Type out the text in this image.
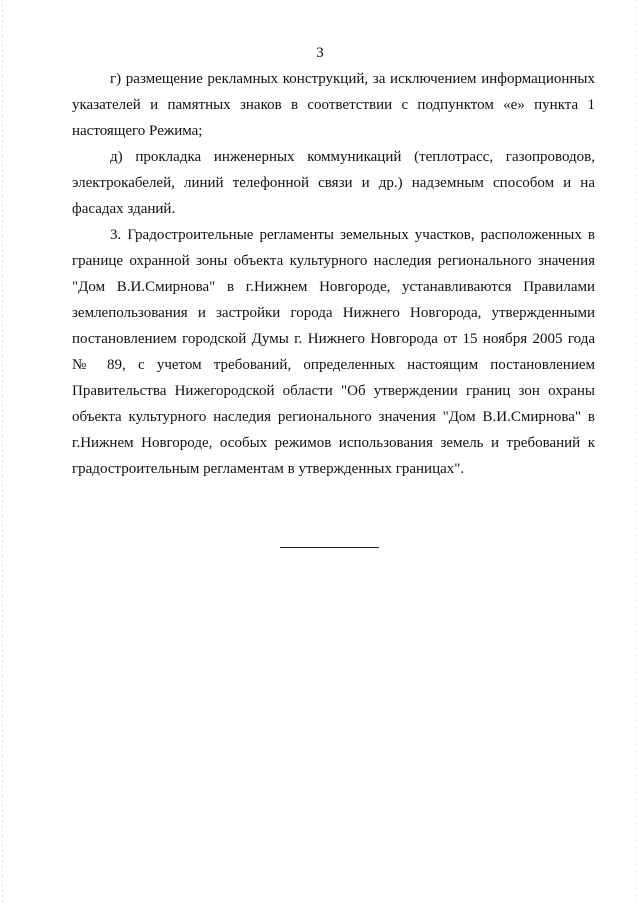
3

г) размещение рекламных конструкций, за исключением информационных указателей и памятных знаков в соответствии с подпунктом «е» пункта 1 настоящего Режима;

д) прокладка инженерных коммуникаций (теплотрасс, газопроводов, электрокабелей, линий телефонной связи и др.) надземным способом и на фасадах зданий.

3. Градостроительные регламенты земельных участков, расположенных в границе охранной зоны объекта культурного наследия регионального значения "Дом В.И.Смирнова" в г.Нижнем Новгороде, устанавливаются Правилами землепользования и застройки города Нижнего Новгорода, утвержденными постановлением городской Думы г. Нижнего Новгорода от 15 ноября 2005 года № 89, с учетом требований, определенных настоящим постановлением Правительства Нижегородской области "Об утверждении границ зон охраны объекта культурного наследия регионального значения "Дом В.И.Смирнова" в г.Нижнем Новгороде, особых режимов использования земель и требований к градостроительным регламентам в утвержденных границах".
